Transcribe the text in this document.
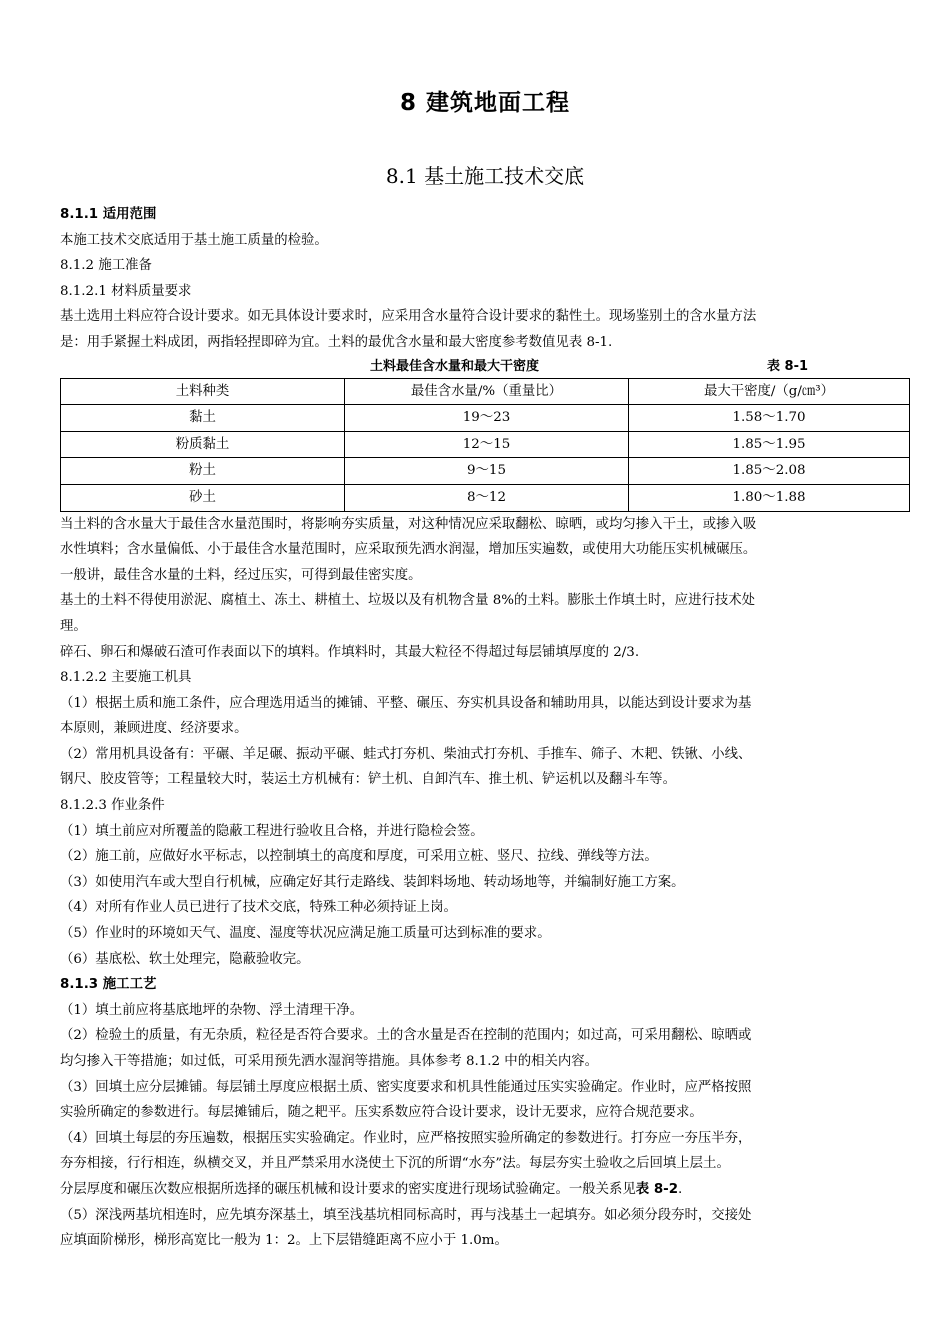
8 建筑地面工程
8.1 基土施工技术交底

8.1.1 适用范围

本施工技术交底适用于基土施工质量的检验。

8.1.2 施工准备

8.1.2.1 材料质量要求

基土选用土料应符合设计要求。如无具体设计要求时，应采用含水量符合设计要求的黏性土。现场鉴别土的含水量方法

是：用手紧握土料成团，两指轻捏即碎为宜。土料的最优含水量和最大密度参考数值见表 8-1.

土料最佳含水量和最大干密度	表 8-1
土料种类	最佳含水量/%（重量比）	最大干密度/（g/㎝³）
黏土	19～23	1.58～1.70
粉质黏土	12～15	1.85～1.95
粉土	9～15	1.85～2.08
砂土	8～12	1.80～1.88

当土料的含水量大于最佳含水量范围时，将影响夯实质量，对这种情况应采取翻松、晾晒，或均匀掺入干土，或掺入吸

水性填料；含水量偏低、小于最佳含水量范围时，应采取预先洒水润湿，增加压实遍数，或使用大功能压实机械碾压。

一般讲，最佳含水量的土料，经过压实，可得到最佳密实度。

基土的土料不得使用淤泥、腐植土、冻土、耕植土、垃圾以及有机物含量 8%的土料。膨胀土作填土时，应进行技术处

理。

碎石、卵石和爆破石渣可作表面以下的填料。作填料时，其最大粒径不得超过每层铺填厚度的 2/3.

8.1.2.2 主要施工机具

（1）根据土质和施工条件，应合理选用适当的摊铺、平整、碾压、夯实机具设备和辅助用具，以能达到设计要求为基

本原则，兼顾进度、经济要求。

（2）常用机具设备有：平碾、羊足碾、振动平碾、蛙式打夯机、柴油式打夯机、手推车、筛子、木耙、铁锹、小线、

钢尺、胶皮管等；工程量较大时，装运土方机械有：铲土机、自卸汽车、推土机、铲运机以及翻斗车等。

8.1.2.3 作业条件

（1）填土前应对所覆盖的隐蔽工程进行验收且合格，并进行隐检会签。

（2）施工前，应做好水平标志，以控制填土的高度和厚度，可采用立桩、竖尺、拉线、弹线等方法。

（3）如使用汽车或大型自行机械，应确定好其行走路线、装卸料场地、转动场地等，并编制好施工方案。

（4）对所有作业人员已进行了技术交底，特殊工种必须持证上岗。

（5）作业时的环境如天气、温度、湿度等状况应满足施工质量可达到标准的要求。

（6）基底松、软土处理完，隐蔽验收完。

8.1.3 施工工艺

（1）填土前应将基底地坪的杂物、浮土清理干净。

（2）检验土的质量，有无杂质，粒径是否符合要求。土的含水量是否在控制的范围内；如过高，可采用翻松、晾晒或

均匀掺入干等措施；如过低，可采用预先洒水湿润等措施。具体参考 8.1.2 中的相关内容。

（3）回填土应分层摊铺。每层铺土厚度应根据土质、密实度要求和机具性能通过压实实验确定。作业时，应严格按照

实验所确定的参数进行。每层摊铺后，随之耙平。压实系数应符合设计要求，设计无要求，应符合规范要求。

（4）回填土每层的夯压遍数，根据压实实验确定。作业时，应严格按照实验所确定的参数进行。打夯应一夯压半夯，

夯夯相接，行行相连，纵横交叉，并且严禁采用水浇使土下沉的所谓“水夯”法。每层夯实土验收之后回填上层土。

分层厚度和碾压次数应根据所选择的碾压机械和设计要求的密实度进行现场试验确定。一般关系见表 8-2.

（5）深浅两基坑相连时，应先填夯深基土，填至浅基坑相同标高时，再与浅基土一起填夯。如必须分段夯时，交接处

应填面阶梯形，梯形高宽比一般为 1：2。上下层错缝距离不应小于 1.0m。
